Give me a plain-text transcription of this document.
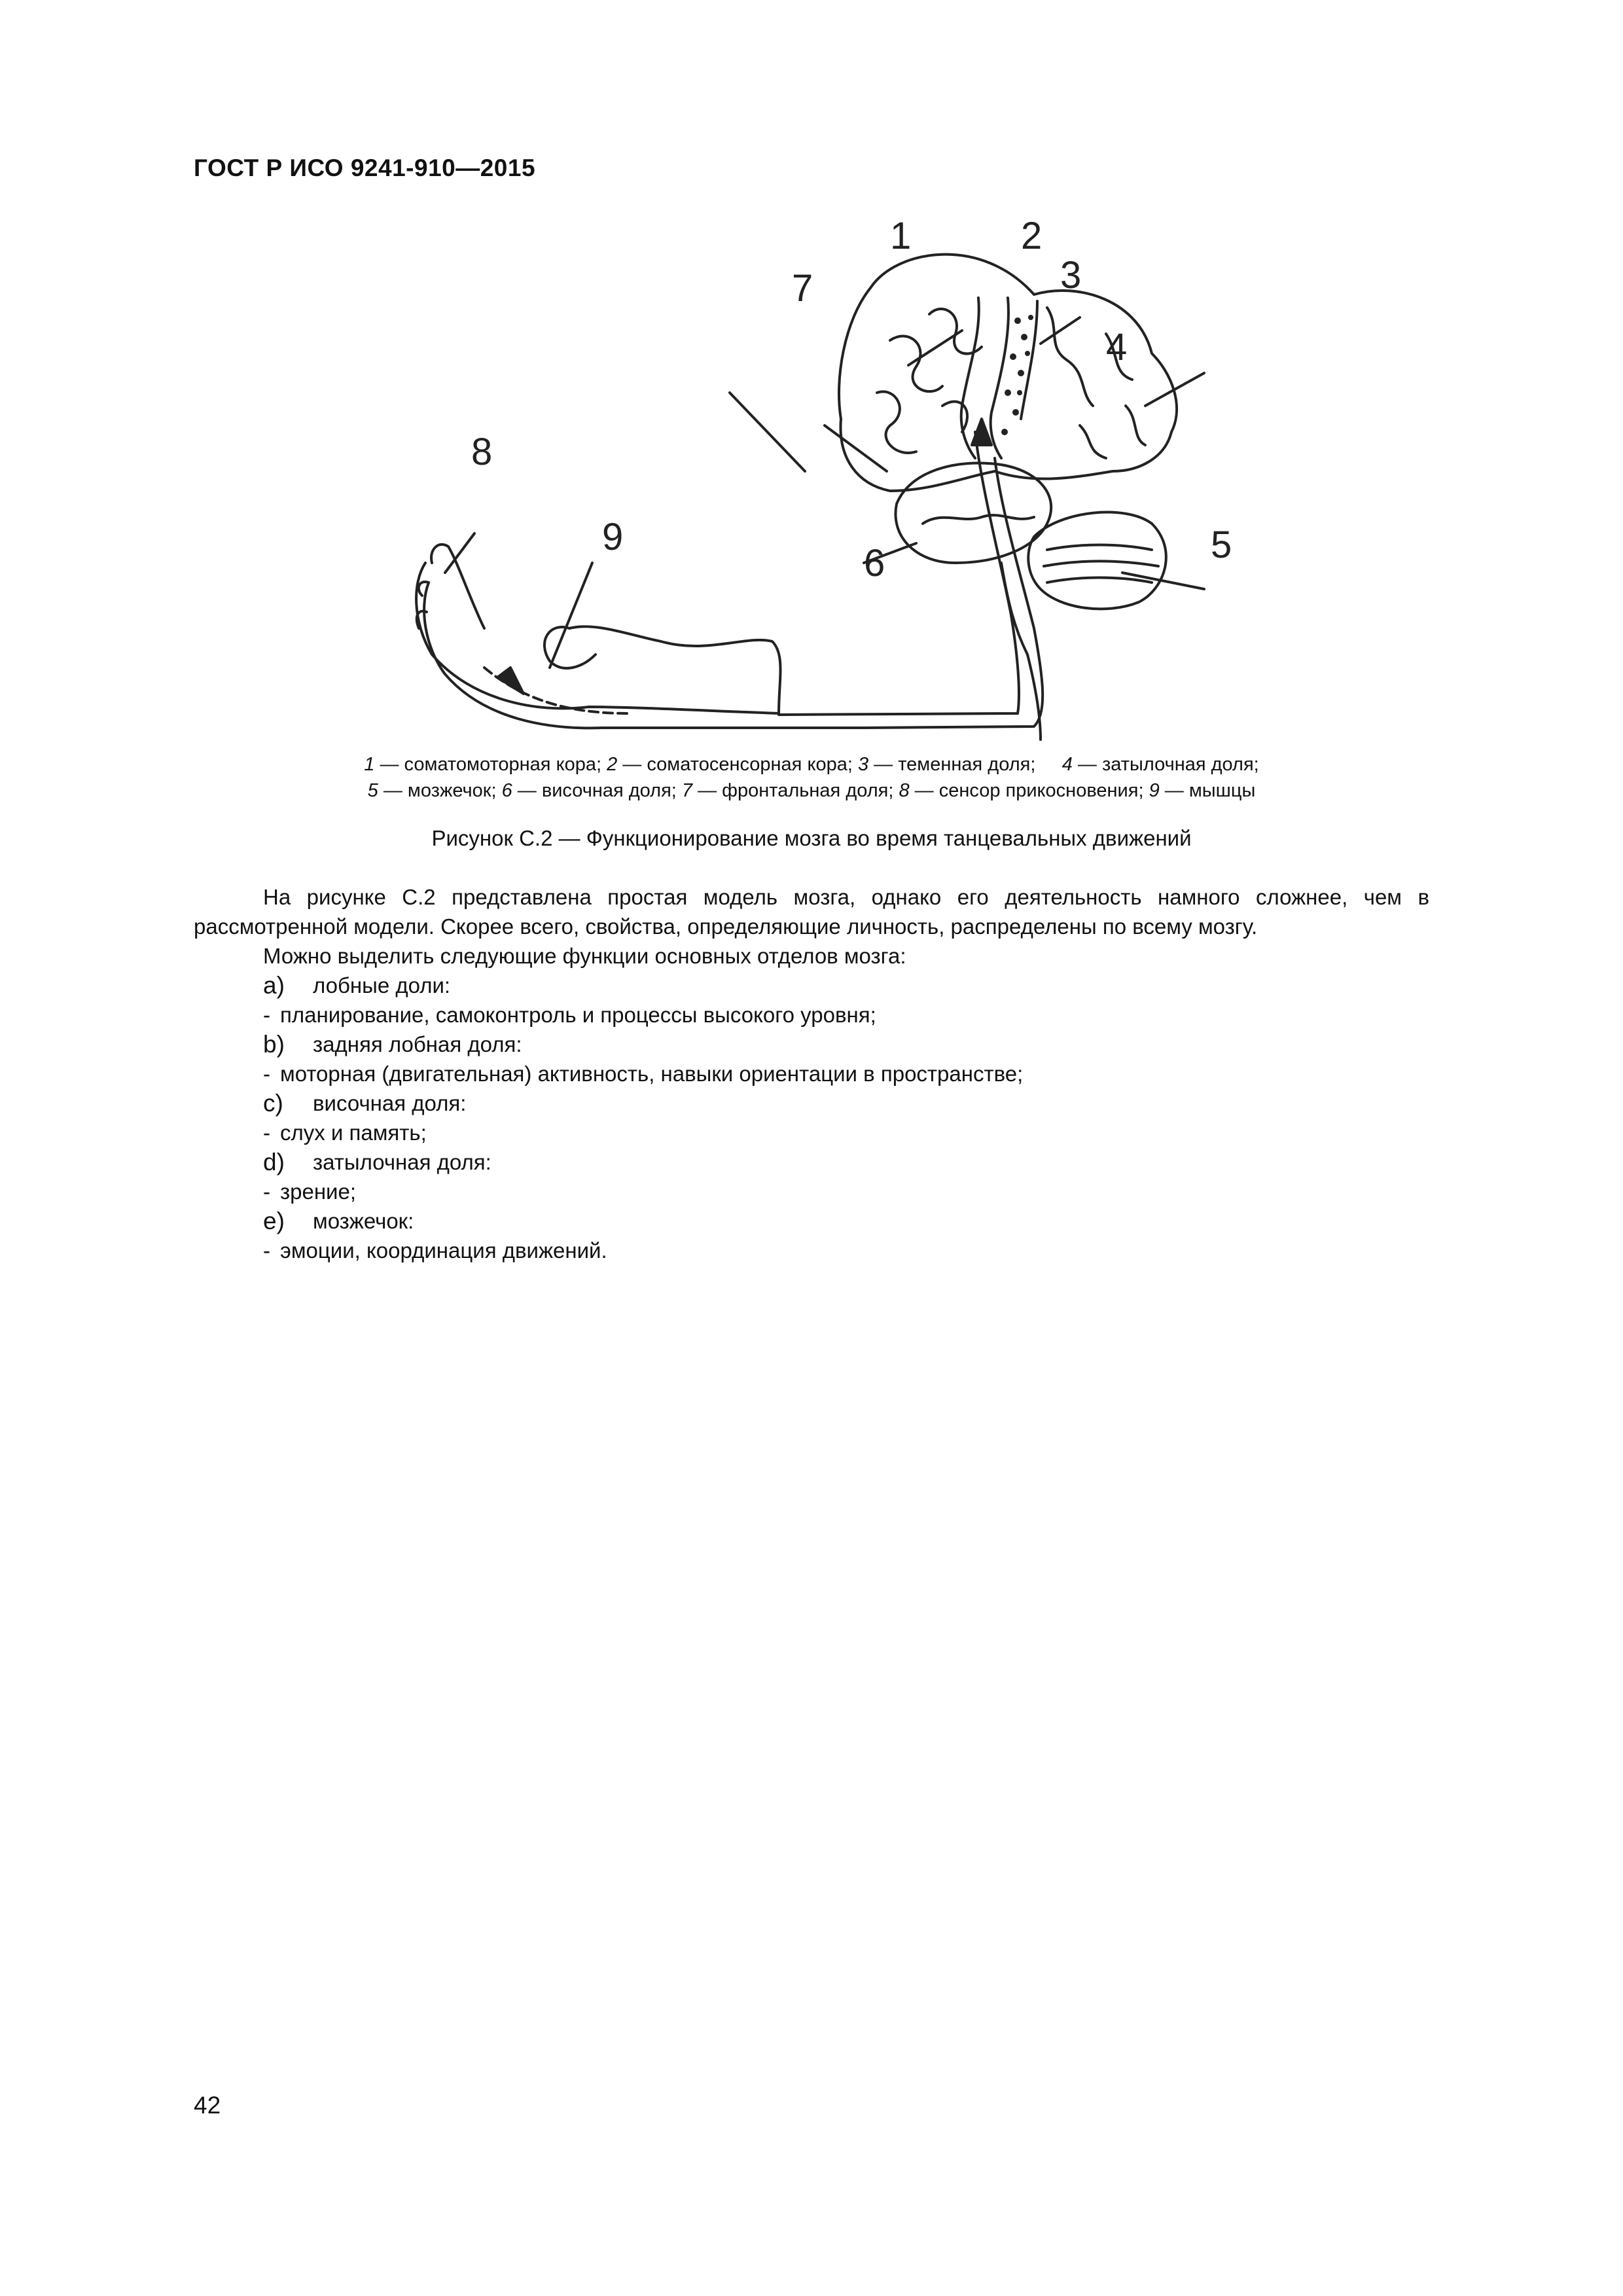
ГОСТ Р ИСО 9241-910—2015
1	2
3
4
5
6
7
8
9
1 — соматомоторная кора; 2 — соматосенсорная кора; 3 — теменная доля;     4 — затылочная доля;
5 — мозжечок; 6 — височная доля; 7 — фронтальная доля; 8 — сенсор прикосновения; 9 — мышцы
Рисунок С.2 — Функционирование мозга во время танцевальных движений

На рисунке С.2 представлена простая модель мозга, однако его деятельность намного сложнее, чем в рассмотренной модели. Скорее всего, свойства, определяющие личность, распределены по всему мозгу.

Можно выделить следующие функции основных отделов мозга:

a)	лобные доли:

- планирование, самоконтроль и процессы высокого уровня;

b)	задняя лобная доля:

- моторная (двигательная) активность, навыки ориентации в пространстве;

c)	височная доля:

- слух и память;

d)	затылочная доля:

- зрение;

e)	мозжечок:

- эмоции, координация движений.

42
